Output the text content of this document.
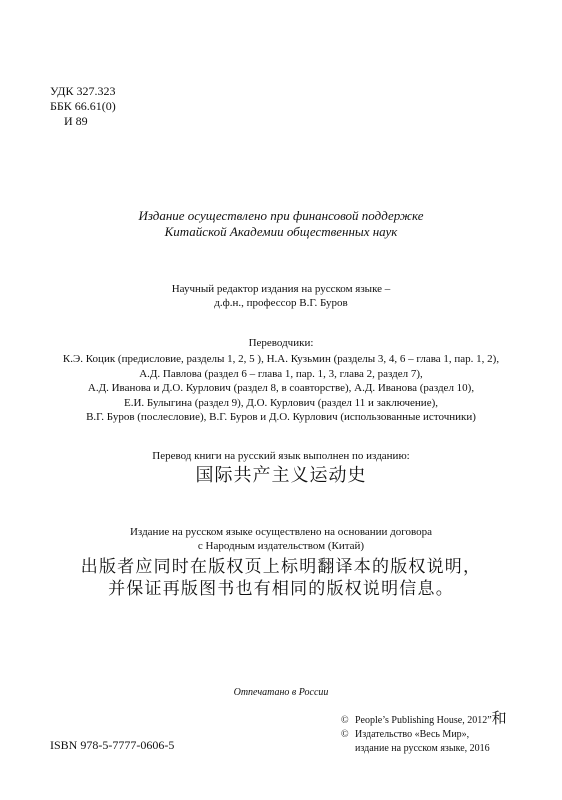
УДК 327.323
ББК 66.61(0)
И 89
Издание осуществлено при финансовой поддержке
Китайской Академии общественных наук
Научный редактор издания на русском языке –
д.ф.н., профессор В.Г. Буров
Переводчики:
К.Э. Коцик (предисловие, разделы 1, 2, 5 ), Н.А. Кузьмин (разделы 3, 4, 6 – глава 1, пар. 1, 2),
А.Д. Павлова (раздел 6 – глава 1, пар. 1, 3, глава 2, раздел 7),
А.Д. Иванова и Д.О. Курлович (раздел 8, в соавторстве), А.Д. Иванова (раздел 10),
Е.И. Булыгина (раздел 9), Д.О. Курлович (раздел 11 и заключение),
В.Г. Буров (послесловие), В.Г. Буров и Д.О. Курлович (использованные источники)
Перевод книги на русский язык выполнен по изданию:
国际共产主义运动史
Издание на русском языке осуществлено на основании договора
с Народным издательством (Китай)
出版者应同时在版权页上标明翻译本的版权说明，
并保证再版图书也有相同的版权说明信息。
Отпечатано в России
ISBN 978-5-7777-0606-5
© People’s Publishing House, 2012”和
© Издательство «Весь Мир»,
издание на русском языке, 2016
